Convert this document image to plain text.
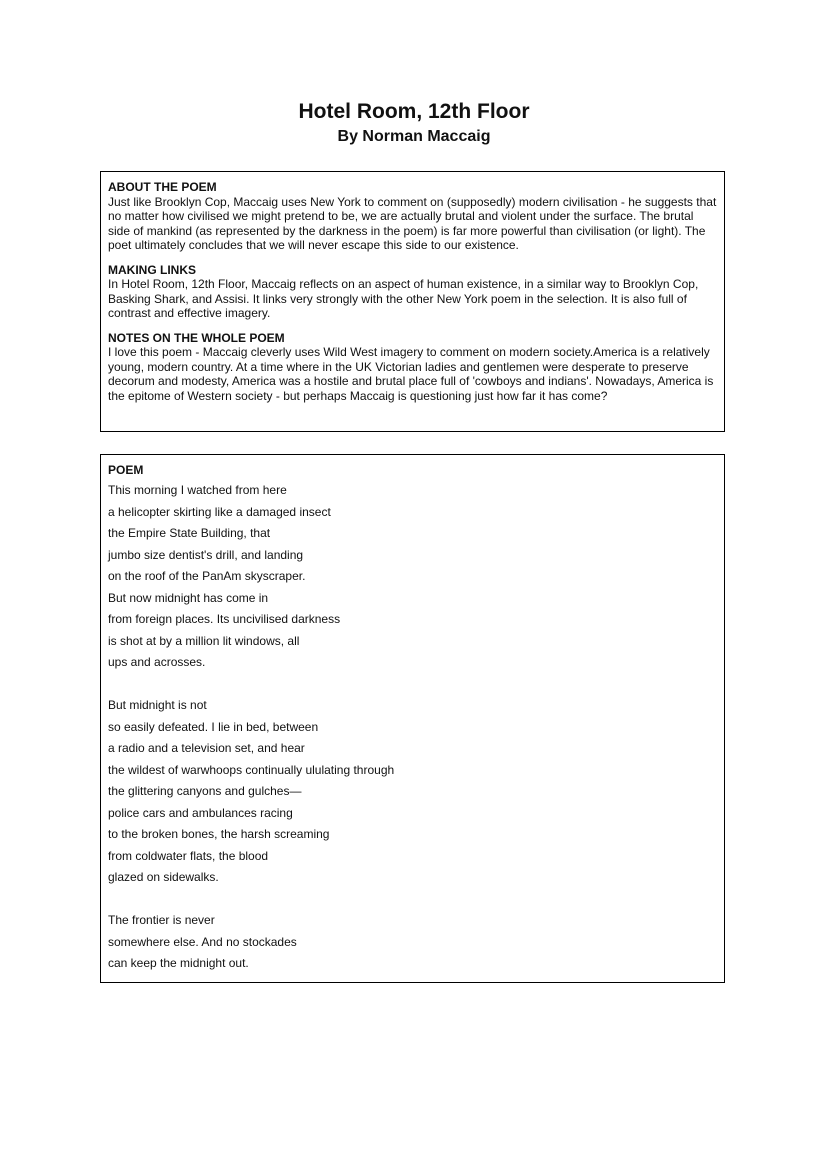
Hotel Room, 12th Floor
By Norman Maccaig

ABOUT THE POEM

Just like Brooklyn Cop, Maccaig uses New York to comment on (supposedly) modern civilisation - he suggests that no matter how civilised we might pretend to be, we are actually brutal and violent under the surface. The brutal side of mankind (as represented by the darkness in the poem) is far more powerful than civilisation (or light). The poet ultimately concludes that we will never escape this side to our existence.

MAKING LINKS

In Hotel Room, 12th Floor, Maccaig reflects on an aspect of human existence, in a similar way to Brooklyn Cop, Basking Shark, and Assisi. It links very strongly with the other New York poem in the selection. It is also full of contrast and effective imagery.

NOTES ON THE WHOLE POEM

I love this poem - Maccaig cleverly uses Wild West imagery to comment on modern society.America is a relatively young, modern country. At a time where in the UK Victorian ladies and gentlemen were desperate to preserve decorum and modesty, America was a hostile and brutal place full of 'cowboys and indians'. Nowadays, America is the epitome of Western society - but perhaps Maccaig is questioning just how far it has come?

POEM

This morning I watched from here

a helicopter skirting like a damaged insect

the Empire State Building, that

jumbo size dentist's drill, and landing

on the roof of the PanAm skyscraper.

But now midnight has come in

from foreign places. Its uncivilised darkness

is shot at by a million lit windows, all

ups and acrosses.

But midnight is not

so easily defeated. I lie in bed, between

a radio and a television set, and hear

the wildest of warwhoops continually ululating through

the glittering canyons and gulches—

police cars and ambulances racing

to the broken bones, the harsh screaming

from coldwater flats, the blood

glazed on sidewalks.

The frontier is never

somewhere else. And no stockades

can keep the midnight out.
